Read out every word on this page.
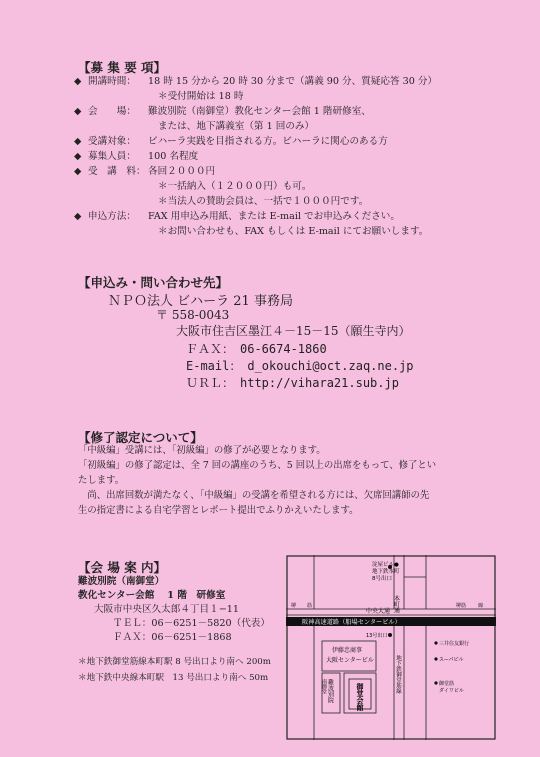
【募 集 要 項】
◆ 開講時間： 18 時 15 分から 20 時 30 分まで（講義 90 分、質疑応答 30 分）
＊受付開始は 18 時
◆ 会　　場： 難波別院（南御堂）教化センター会館 1 階研修室、
または、地下講義室（第 1 回のみ）
◆ 受講対象： ビハーラ実践を目指される方。ビハーラに関心のある方
◆ 募集人員： 100 名程度
◆ 受　講　料： 各回２０００円
＊一括納入（１２０００円）も可。
＊当法人の賛助会員は、一括で１０００円です。
◆ 申込方法： FAX 用申込み用紙、または E-mail でお申込みください。
＊お問い合わせも、FAX もしくは E-mail にてお願いします。
【申込み・問い合わせ先】
ＮＰＯ法人 ビハーラ 21 事務局
〒 558-0043
大阪市住吉区墨江４－15－15（願生寺内）
ＦＡＸ：　06-6674-1860
E-mail：　d_okouchi@oct.zaq.ne.jp
ＵＲＬ：　http://vihara21.sub.jp
【修了認定について】
「中級編」受講には、「初級編」の修了が必要となります。
「初級編」の修了認定は、全 7 回の講座のうち、5 回以上の出席をもって、修了とい
たします。
　尚、出席回数が満たなく、「中級編」の受講を希望される方には、欠席回講師の先
生の指定書による自宅学習とレポート提出でふりかえいたします。
【会 場 案 内】
難波別院（南御堂）
教化センター会館　 1 階　研修室
大阪市中央区久太郎４丁目１−11
ＴＥＬ：06－6251－5820（代表）
ＦＡＸ：06－6251－1868
＊地下鉄御堂筋線本町駅 8 号出口より南へ 200m
＊地下鉄中央線本町駅　13 号出口より南へ 50m
淀屋ビル●
地下鉄本町
8号出口
本町通
中央大通
阪神高速道路（船場センタービル）
13号出口
伊藤忠商事
大阪センタービル
三井住友銀行
スーパビル
御堂筋
ダイワビル
難波別院
南御堂	御堂会館
地下鉄御堂筋線
堺 筋	堺筋 線
